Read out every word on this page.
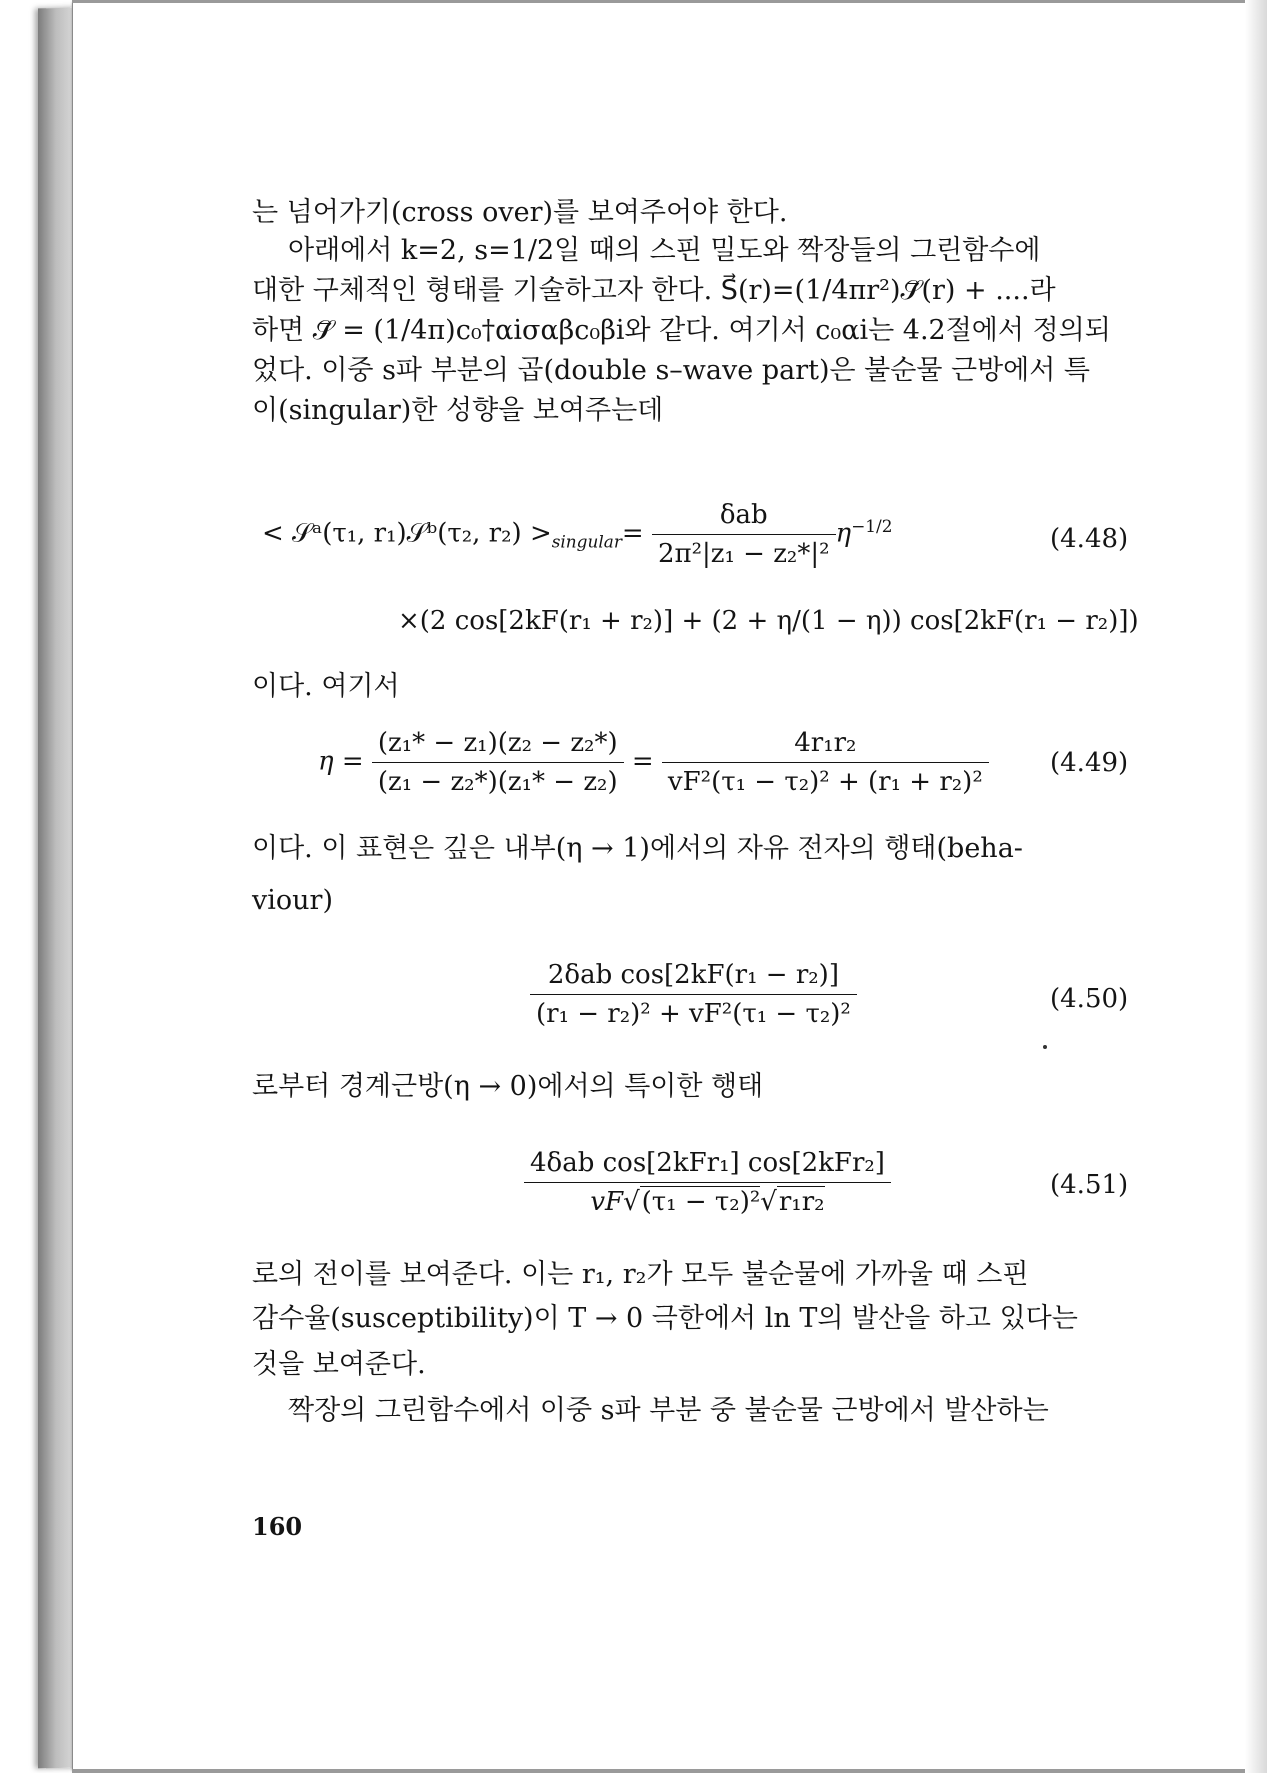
는 넘어가기(cross over)를 보여주어야 한다.
아래에서 k=2, s=1/2일 때의 스핀 밀도와 짝장들의 그린함수에
대한 구체적인 형태를 기술하고자 한다. S⃗(r)=(1/4πr²)𝒮⃗(r) + ....라
하면 𝒮⃗ = (1/4π)c₀†αiσαβc₀βi와 같다. 여기서 c₀αi는 4.2절에서 정의되
었다. 이중 s파 부분의 곱(double s–wave part)은 불순물 근방에서 특
이(singular)한 성향을 보여주는데
< 𝒮ᵃ(τ₁, r₁)𝒮ᵇ(τ₂, $r_2) >_{singular}= \frac{\text{δab}}{\text{2π²|z₁ − z₂*|²}} \eta^{-1/2}$	(4.48)
×(2 cos[2kF(r₁ + r₂)] + (2 + η/(1 − η)) cos[2kF(r₁ − r₂)])
이다. 여기서
$\eta = \frac{\text{(z₁* − z₁)(z₂ − z₂*)}}{\text{(z₁ − z₂*)(z₁* − z₂)}} = \frac{\text{4r₁r₂}}{\text{vF²(τ₁ − τ₂)² + (r₁ + r₂)²}} (4.49)$
이다. 이 표현은 깊은 내부(η → 1)에서의 자유 전자의 행태(beha-
viour)
$\frac{\text{2δab cos[2kF(r₁ − r₂)]}}{\text{(r₁ − r₂)² + vF²(τ₁ − τ₂)²}}$	(4.50)
로부터 경계근방(η → 0)에서의 특이한 행태
$\frac{\text{4δab cos[2kFr₁] cos[2kFr₂]}}{\text{vF√(τ₁ − τ₂)²√r₁r₂}}$	(4.51)
로의 전이를 보여준다. 이는 r₁, r₂가 모두 불순물에 가까울 때 스핀
감수율(susceptibility)이 T → 0 극한에서 ln T의 발산을 하고 있다는
것을 보여준다.
짝장의 그린함수에서 이중 s파 부분 중 불순물 근방에서 발산하는
160
